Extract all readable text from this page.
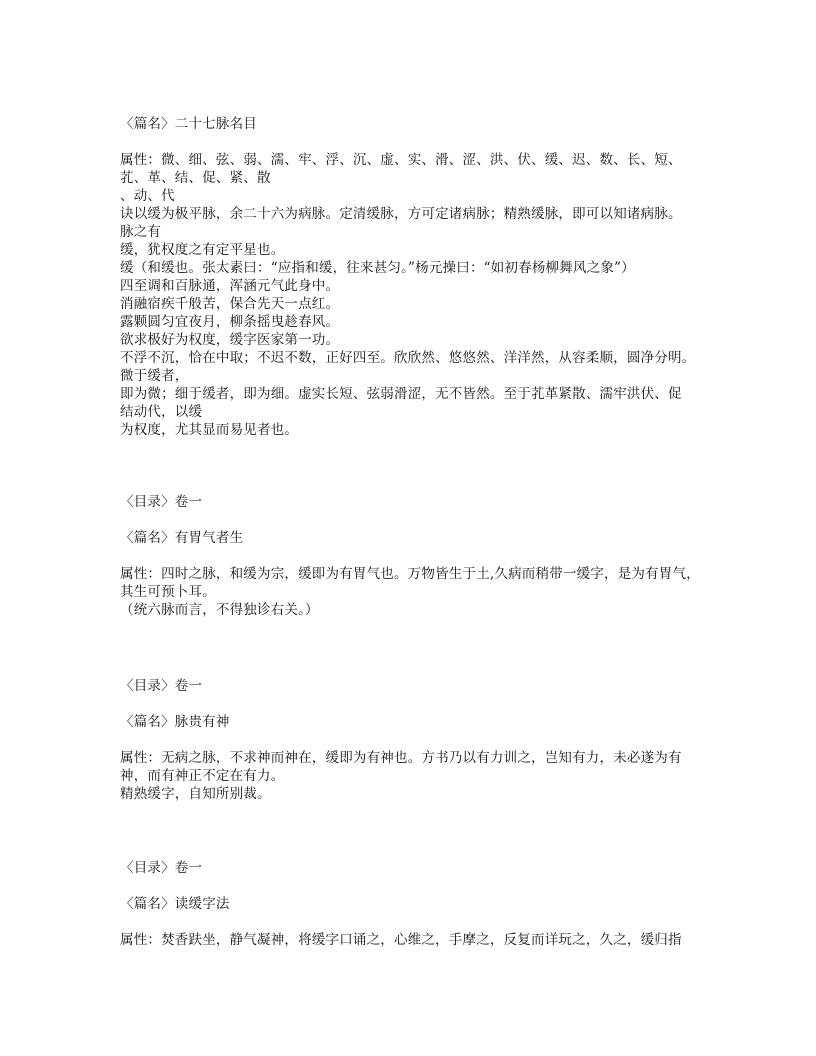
〈篇名〉二十七脉名目
属性：微、细、弦、弱、濡、牢、浮、沉、虚、实、滑、涩、洪、伏、缓、迟、数、长、短、
芤、革、结、促、紧、散
、动、代
诀以缓为极平脉，余二十六为病脉。定清缓脉，方可定诸病脉；精熟缓脉，即可以知诸病脉。
脉之有
缓，犹权度之有定平星也。
缓（和缓也。张太素曰：“应指和缓，往来甚匀。”杨元操曰：“如初春杨柳舞风之象”）
四至调和百脉通，浑涵元气此身中。
消融宿疾千般苦，保合先天一点红。
露颗圆匀宜夜月，柳条摇曳趁春风。
欲求极好为权度，缓字医家第一功。
不浮不沉，恰在中取；不迟不数，正好四至。欣欣然、悠悠然、洋洋然，从容柔顺，圆净分明。
微于缓者，
即为微；细于缓者，即为细。虚实长短、弦弱滑涩，无不皆然。至于芤革紧散、濡牢洪伏、促
结动代，以缓
为权度，尤其显而易见者也。
〈目录〉卷一
〈篇名〉有胃气者生
属性：四时之脉，和缓为宗，缓即为有胃气也。万物皆生于土,久病而稍带一缓字，是为有胃气，
其生可预卜耳。
（统六脉而言，不得独诊右关。）
〈目录〉卷一
〈篇名〉脉贵有神
属性：无病之脉，不求神而神在，缓即为有神也。方书乃以有力训之，岂知有力，未必遂为有
神，而有神正不定在有力。
精熟缓字，自知所别裁。
〈目录〉卷一
〈篇名〉读缓字法
属性：焚香趺坐，静气凝神，将缓字口诵之，心维之，手摩之，反复而详玩之，久之，缓归指
